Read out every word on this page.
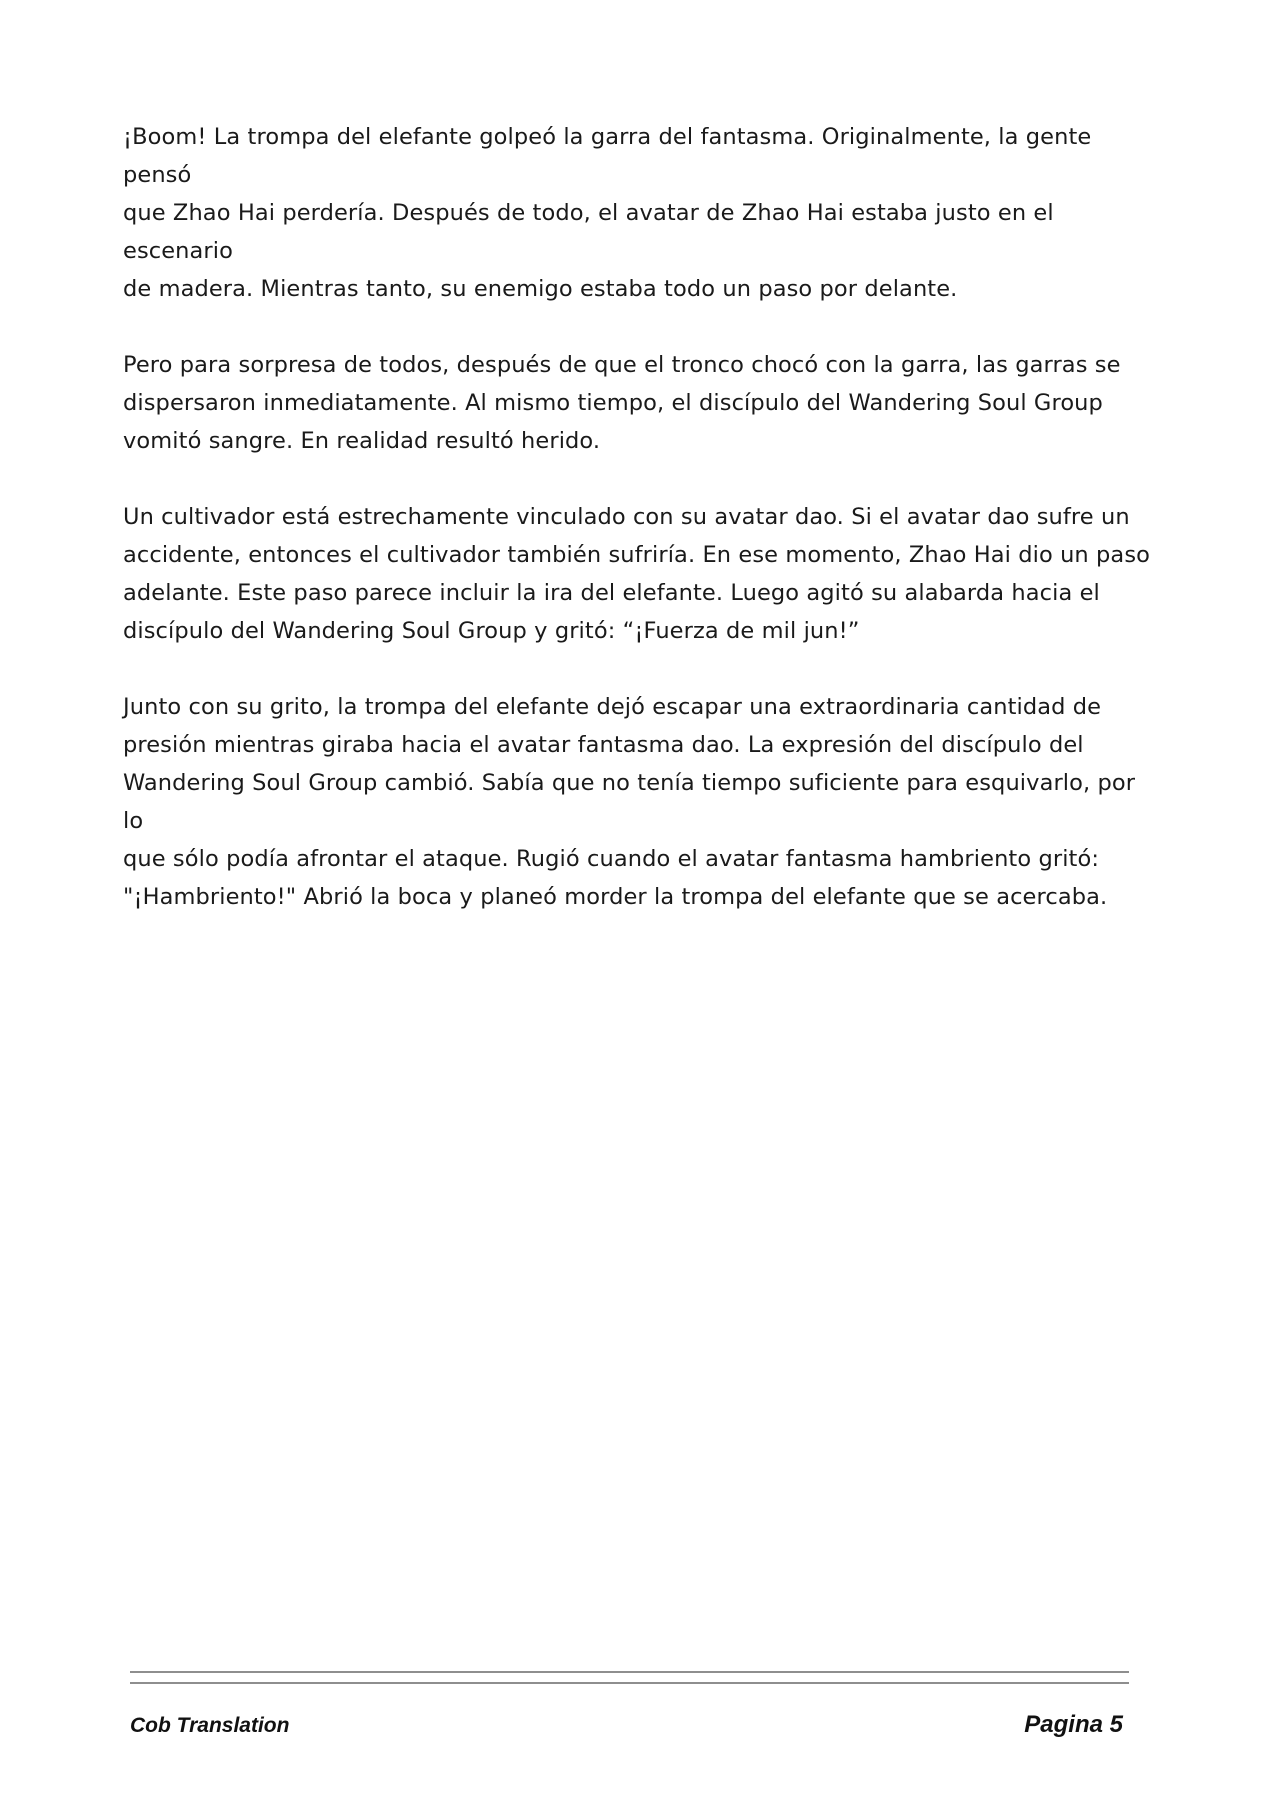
¡Boom! La trompa del elefante golpeó la garra del fantasma. Originalmente, la gente pensó
que Zhao Hai perdería. Después de todo, el avatar de Zhao Hai estaba justo en el escenario
de madera. Mientras tanto, su enemigo estaba todo un paso por delante.

Pero para sorpresa de todos, después de que el tronco chocó con la garra, las garras se
dispersaron inmediatamente. Al mismo tiempo, el discípulo del Wandering Soul Group
vomitó sangre. En realidad resultó herido.

Un cultivador está estrechamente vinculado con su avatar dao. Si el avatar dao sufre un
accidente, entonces el cultivador también sufriría. En ese momento, Zhao Hai dio un paso
adelante. Este paso parece incluir la ira del elefante. Luego agitó su alabarda hacia el
discípulo del Wandering Soul Group y gritó: “¡Fuerza de mil jun!”

Junto con su grito, la trompa del elefante dejó escapar una extraordinaria cantidad de
presión mientras giraba hacia el avatar fantasma dao. La expresión del discípulo del
Wandering Soul Group cambió. Sabía que no tenía tiempo suficiente para esquivarlo, por lo
que sólo podía afrontar el ataque. Rugió cuando el avatar fantasma hambriento gritó:
"¡Hambriento!" Abrió la boca y planeó morder la trompa del elefante que se acercaba.

Cob Translation	Pagina 5
